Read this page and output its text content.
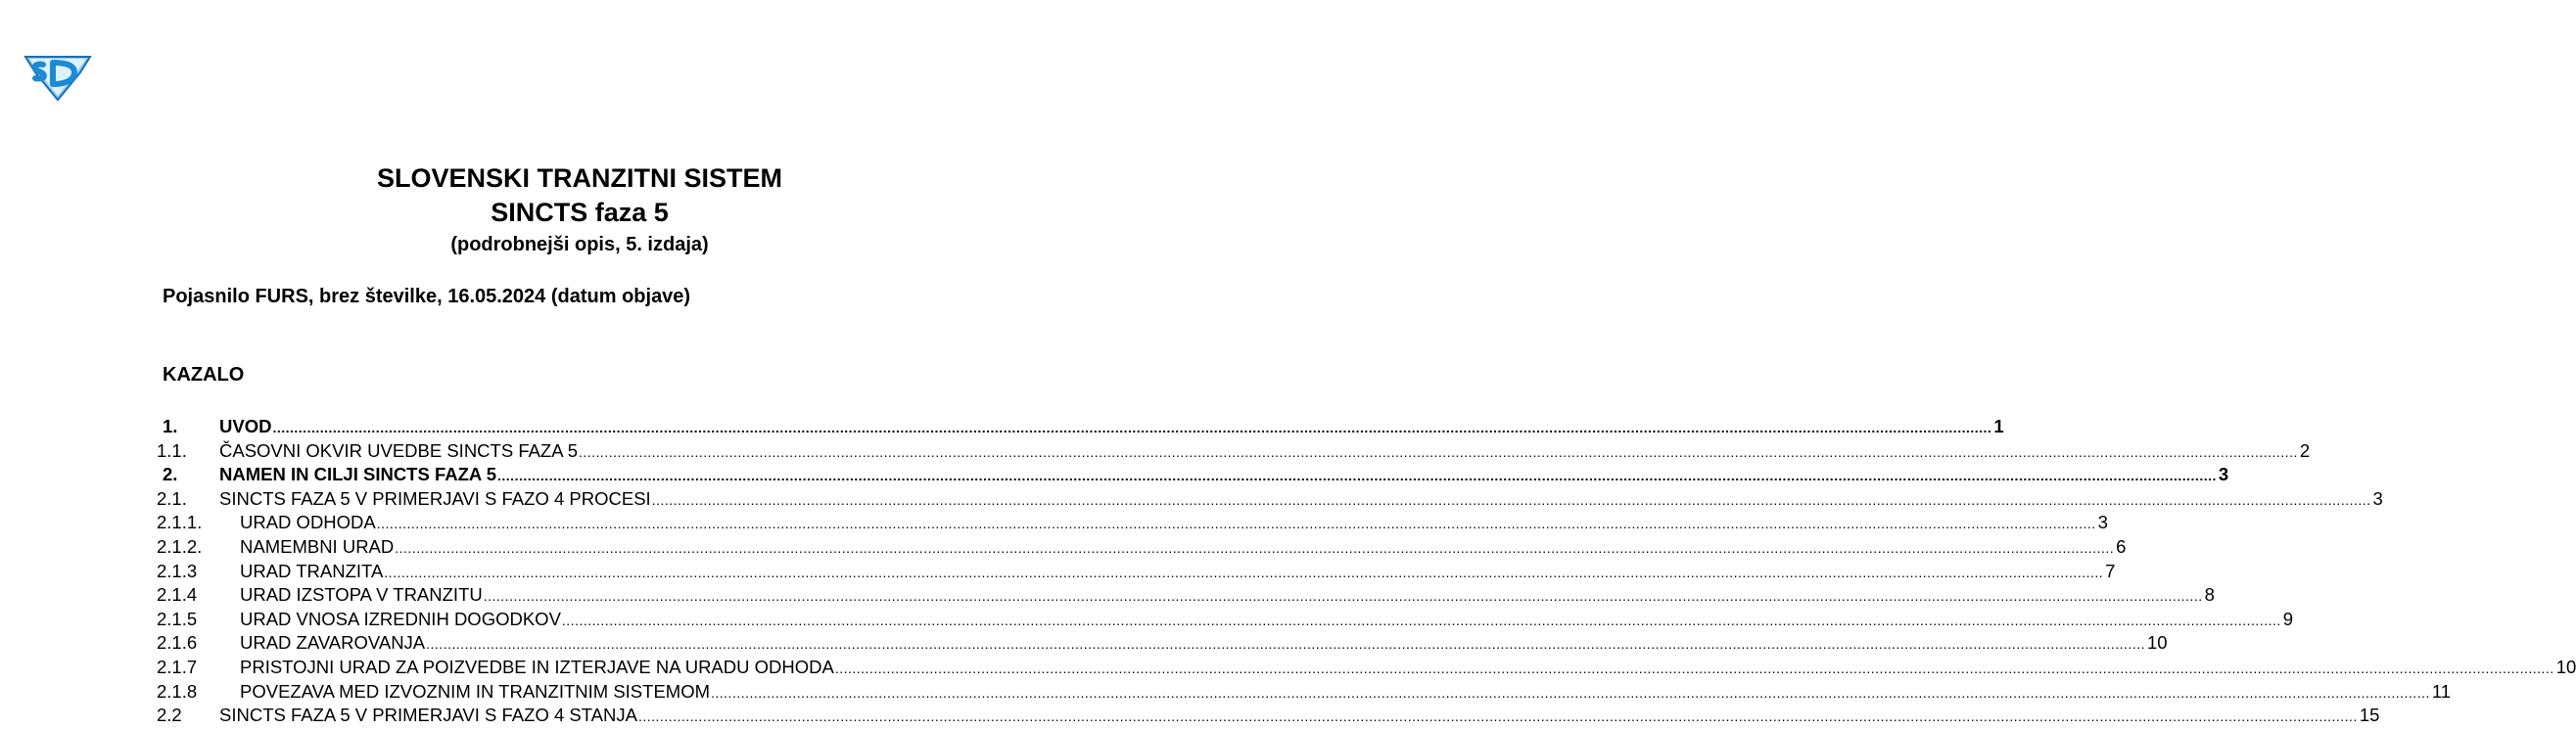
SLOVENSKI TRANZITNI SISTEM
SINCTS faza 5
(podrobnejši opis, 5. izdaja)
Pojasnilo FURS, brez številke, 16.05.2024 (datum objave)
KAZALO
1. UVOD ................................................................................................................................................................................................................................................................................................................................................................................................................ 1
1.1. ČASOVNI OKVIR UVEDBE SINCTS FAZA 5 ................................................................................................................................................................................................................................................................................................................................................................................................................ 2
2. NAMEN IN CILJI SINCTS FAZA 5 ................................................................................................................................................................................................................................................................................................................................................................................................................ 3
2.1. SINCTS FAZA 5 V PRIMERJAVI S FAZO 4 PROCESI ................................................................................................................................................................................................................................................................................................................................................................................................................ 3
2.1.1. URAD ODHODA ................................................................................................................................................................................................................................................................................................................................................................................................................ 3
2.1.2. NAMEMBNI URAD ................................................................................................................................................................................................................................................................................................................................................................................................................ 6
2.1.3 URAD TRANZITA ................................................................................................................................................................................................................................................................................................................................................................................................................ 7
2.1.4 URAD IZSTOPA V TRANZITU ................................................................................................................................................................................................................................................................................................................................................................................................................ 8
2.1.5 URAD VNOSA IZREDNIH DOGODKOV ................................................................................................................................................................................................................................................................................................................................................................................................................ 9
2.1.6 URAD ZAVAROVANJA ................................................................................................................................................................................................................................................................................................................................................................................................................ 10
2.1.7 PRISTOJNI URAD ZA POIZVEDBE IN IZTERJAVE NA URADU ODHODA ................................................................................................................................................................................................................................................................................................................................................................................................................ 10
2.1.8 POVEZAVA MED IZVOZNIM IN TRANZITNIM SISTEMOM ................................................................................................................................................................................................................................................................................................................................................................................................................ 11
2.2 SINCTS FAZA 5 V PRIMERJAVI S FAZO 4 STANJA ................................................................................................................................................................................................................................................................................................................................................................................................................ 15
